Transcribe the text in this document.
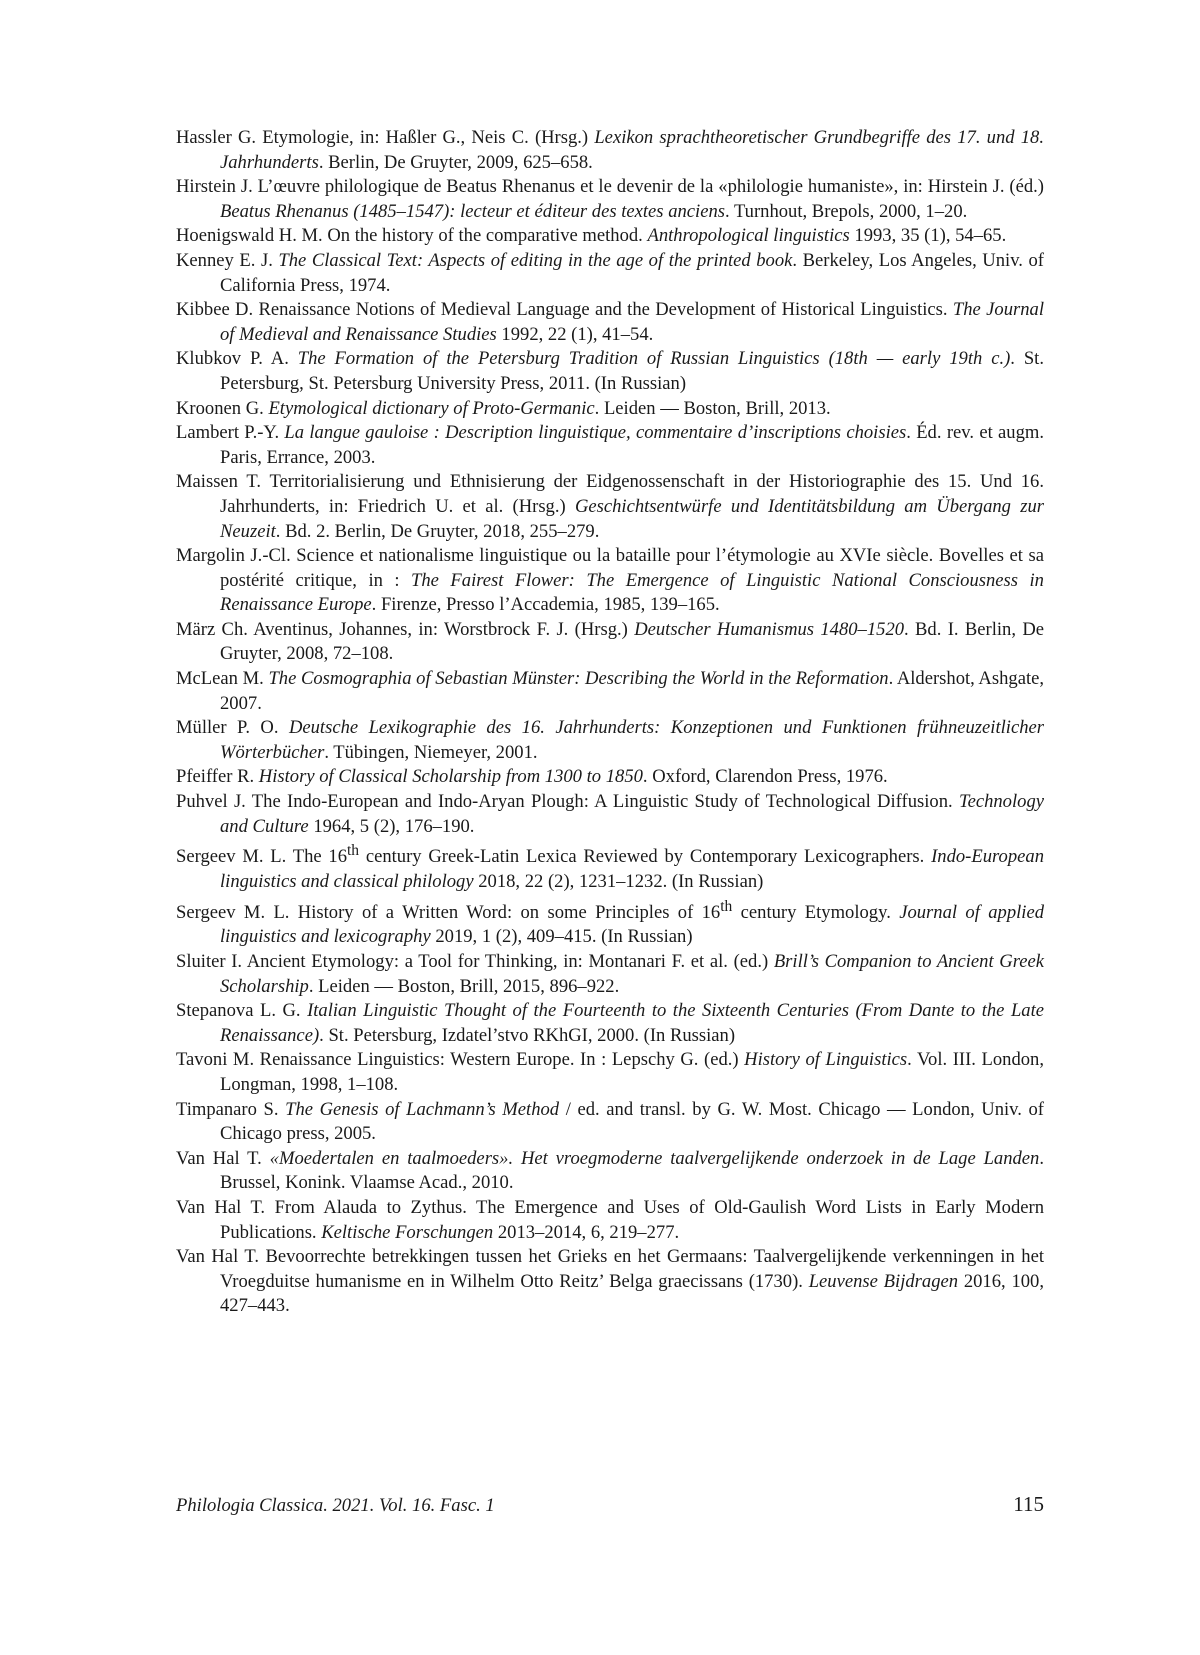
Hassler G. Etymologie, in: Haßler G., Neis C. (Hrsg.) Lexikon sprachtheoretischer Grundbegriffe des 17. und 18. Jahrhunderts. Berlin, De Gruyter, 2009, 625–658.

Hirstein J. L’œuvre philologique de Beatus Rhenanus et le devenir de la «philologie humaniste», in: Hirstein J. (éd.) Beatus Rhenanus (1485–1547): lecteur et éditeur des textes anciens. Turnhout, Brepols, 2000, 1–20.

Hoenigswald H. M. On the history of the comparative method. Anthropological linguistics 1993, 35 (1), 54–65.

Kenney E. J. The Classical Text: Aspects of editing in the age of the printed book. Berkeley, Los Angeles, Univ. of California Press, 1974.

Kibbee D. Renaissance Notions of Medieval Language and the Development of Historical Linguistics. The Journal of Medieval and Renaissance Studies 1992, 22 (1), 41–54.

Klubkov P. A. The Formation of the Petersburg Tradition of Russian Linguistics (18th — early 19th c.). St. Petersburg, St. Petersburg University Press, 2011. (In Russian)

Kroonen G. Etymological dictionary of Proto-Germanic. Leiden — Boston, Brill, 2013.

Lambert P.-Y. La langue gauloise : Description linguistique, commentaire d’inscriptions choisies. Éd. rev. et augm. Paris, Errance, 2003.

Maissen T. Territorialisierung und Ethnisierung der Eidgenossenschaft in der Historiographie des 15. Und 16. Jahrhunderts, in: Friedrich U. et al. (Hrsg.) Geschichtsentwürfe und Identitätsbildung am Übergang zur Neuzeit. Bd. 2. Berlin, De Gruyter, 2018, 255–279.

Margolin J.-Cl. Science et nationalisme linguistique ou la bataille pour l’étymologie au XVIe siècle. Bovelles et sa postérité critique, in : The Fairest Flower: The Emergence of Linguistic National Consciousness in Renaissance Europe. Firenze, Presso l’Accademia, 1985, 139–165.

März Ch. Aventinus, Johannes, in: Worstbrock F. J. (Hrsg.) Deutscher Humanismus 1480–1520. Bd. I. Berlin, De Gruyter, 2008, 72–108.

McLean M. The Cosmographia of Sebastian Münster: Describing the World in the Reformation. Aldershot, Ashgate, 2007.

Müller P. O. Deutsche Lexikographie des 16. Jahrhunderts: Konzeptionen und Funktionen frühneuzeitlicher Wörterbücher. Tübingen, Niemeyer, 2001.

Pfeiffer R. History of Classical Scholarship from 1300 to 1850. Oxford, Clarendon Press, 1976.

Puhvel J. The Indo-European and Indo-Aryan Plough: A Linguistic Study of Technological Diffusion. Technology and Culture 1964, 5 (2), 176–190.

Sergeev M. L. The 16th century Greek-Latin Lexica Reviewed by Contemporary Lexicographers. Indo-European linguistics and classical philology 2018, 22 (2), 1231–1232. (In Russian)

Sergeev M. L. History of a Written Word: on some Principles of 16th century Etymology. Journal of applied linguistics and lexicography 2019, 1 (2), 409–415. (In Russian)

Sluiter I. Ancient Etymology: a Tool for Thinking, in: Montanari F. et al. (ed.) Brill’s Companion to Ancient Greek Scholarship. Leiden — Boston, Brill, 2015, 896–922.

Stepanova L. G. Italian Linguistic Thought of the Fourteenth to the Sixteenth Centuries (From Dante to the Late Renaissance). St. Petersburg, Izdatel’stvo RKhGI, 2000. (In Russian)

Tavoni M. Renaissance Linguistics: Western Europe. In : Lepschy G. (ed.) History of Linguistics. Vol. III. London, Longman, 1998, 1–108.

Timpanaro S. The Genesis of Lachmann’s Method / ed. and transl. by G. W. Most. Chicago — London, Univ. of Chicago press, 2005.

Van Hal T. «Moedertalen en taalmoeders». Het vroegmoderne taalvergelijkende onderzoek in de Lage Landen. Brussel, Konink. Vlaamse Acad., 2010.

Van Hal T. From Alauda to Zythus. The Emergence and Uses of Old-Gaulish Word Lists in Early Modern Publications. Keltische Forschungen 2013–2014, 6, 219–277.

Van Hal T. Bevoorrechte betrekkingen tussen het Grieks en het Germaans: Taalvergelijkende verkenningen in het Vroegduitse humanisme en in Wilhelm Otto Reitz’ Belga graecissans (1730). Leuvense Bijdragen 2016, 100, 427–443.

Philologia Classica. 2021. Vol. 16. Fasc. 1	115
